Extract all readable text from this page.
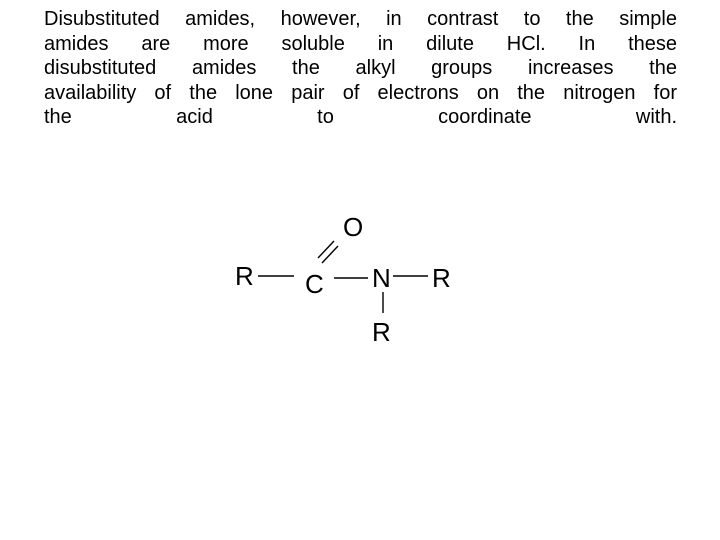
Disubstituted amides, however, in contrast to the simple
amides are more soluble in dilute HCl. In these
disubstituted amides the alkyl groups increases the
availability of the lone pair of electrons on the nitrogen for
the acid to coordinate with.
O
R C N R
R
